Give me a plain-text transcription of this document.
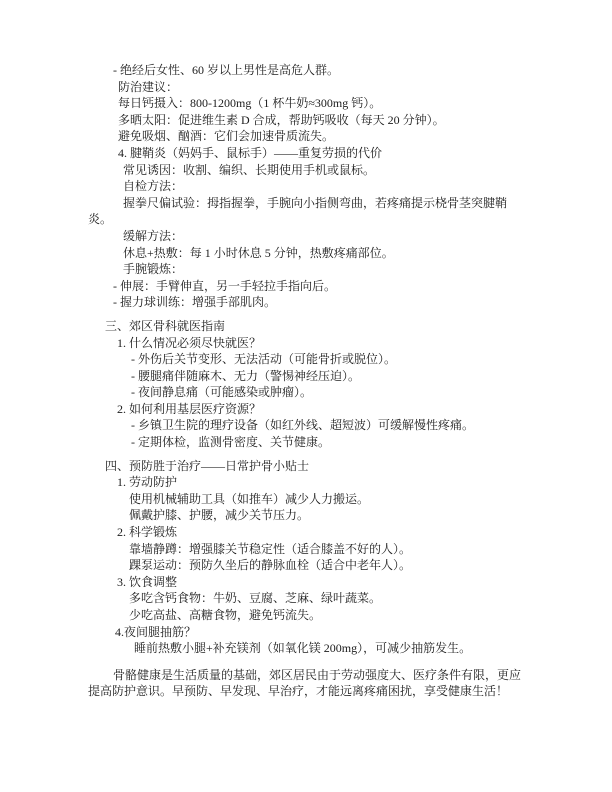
- 绝经后女性、60 岁以上男性是高危人群。
防治建议：
每日钙摄入：800-1200mg（1 杯牛奶≈300mg 钙）。
多晒太阳：促进维生素 D 合成，帮助钙吸收（每天 20 分钟）。
避免吸烟、酗酒：它们会加速骨质流失。
4. 腱鞘炎（妈妈手、鼠标手）——重复劳损的代价
常见诱因：收割、编织、长期使用手机或鼠标。
自检方法：
握拳尺偏试验：拇指握拳，手腕向小指侧弯曲，若疼痛提示桡骨茎突腱鞘
炎。
缓解方法：
休息+热敷：每 1 小时休息 5 分钟，热敷疼痛部位。
手腕锻炼：
- 伸展：手臂伸直，另一手轻拉手指向后。
- 握力球训练：增强手部肌肉。
三、郊区骨科就医指南
1. 什么情况必须尽快就医？
- 外伤后关节变形、无法活动（可能骨折或脱位）。
- 腰腿痛伴随麻木、无力（警惕神经压迫）。
- 夜间静息痛（可能感染或肿瘤）。
2. 如何利用基层医疗资源？
- 乡镇卫生院的理疗设备（如红外线、超短波）可缓解慢性疼痛。
- 定期体检，监测骨密度、关节健康。
四、预防胜于治疗——日常护骨小贴士
1. 劳动防护
使用机械辅助工具（如推车）减少人力搬运。
佩戴护膝、护腰，减少关节压力。
2. 科学锻炼
靠墙静蹲：增强膝关节稳定性（适合膝盖不好的人）。
踝泵运动：预防久坐后的静脉血栓（适合中老年人）。
3. 饮食调整
多吃含钙食物：牛奶、豆腐、芝麻、绿叶蔬菜。
少吃高盐、高糖食物，避免钙流失。
4.夜间腿抽筋？
睡前热敷小腿+补充镁剂（如氧化镁 200mg），可减少抽筋发生。
骨骼健康是生活质量的基础，郊区居民由于劳动强度大、医疗条件有限，更应
提高防护意识。早预防、早发现、早治疗，才能远离疼痛困扰，享受健康生活！
